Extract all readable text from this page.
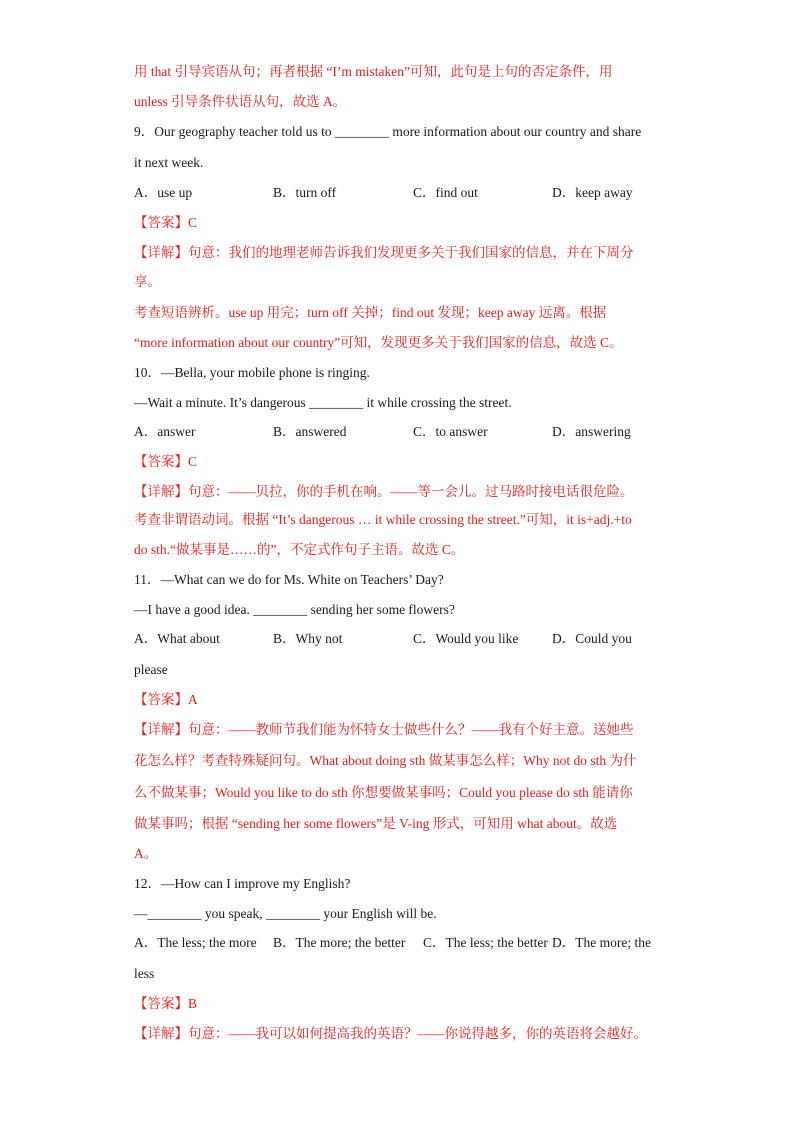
用 that 引导宾语从句；再者根据 “I’m mistaken”可知，此句是上句的否定条件，用
unless 引导条件状语从句，故选 A。
9．Our geography teacher told us to ________ more information about our country and share
it next week.
A．use up	B．turn off	C．find out	D．keep away
【答案】C
【详解】句意：我们的地理老师告诉我们发现更多关于我们国家的信息，并在下周分
享。
考查短语辨析。use up 用完；turn off 关掉；find out 发现；keep away 远离。根据
“more information about our country”可知，发现更多关于我们国家的信息，故选 C。
10．—Bella, your mobile phone is ringing.
—Wait a minute. It’s dangerous ________ it while crossing the street.
A．answer	B．answered	C．to answer	D．answering
【答案】C
【详解】句意：——贝拉，你的手机在响。——等一会儿。过马路时接电话很危险。
考查非谓语动词。根据 “It’s dangerous … it while crossing the street.”可知，it is+adj.+to
do sth.“做某事是……的”，不定式作句子主语。故选 C。
11．—What can we do for Ms. White on Teachers’ Day?
—I have a good idea. ________ sending her some flowers?
A．What about	B．Why not	C．Would you like D．Could you
please
【答案】A
【详解】句意：——教师节我们能为怀特女士做些什么？——我有个好主意。送她些
花怎么样？考查特殊疑问句。What about doing sth 做某事怎么样；Why not do sth 为什
么不做某事；Would you like to do sth 你想要做某事吗；Could you please do sth 能请你
做某事吗；根据 “sending her some flowers”是 V-ing 形式，可知用 what about。故选
A。
12．—How can I improve my English?
—________ you speak, ________ your English will be.
A．The less; the more B．The more; the better C．The less; the better D．The more; the
less
【答案】B
【详解】句意：——我可以如何提高我的英语？——你说得越多，你的英语将会越好。
